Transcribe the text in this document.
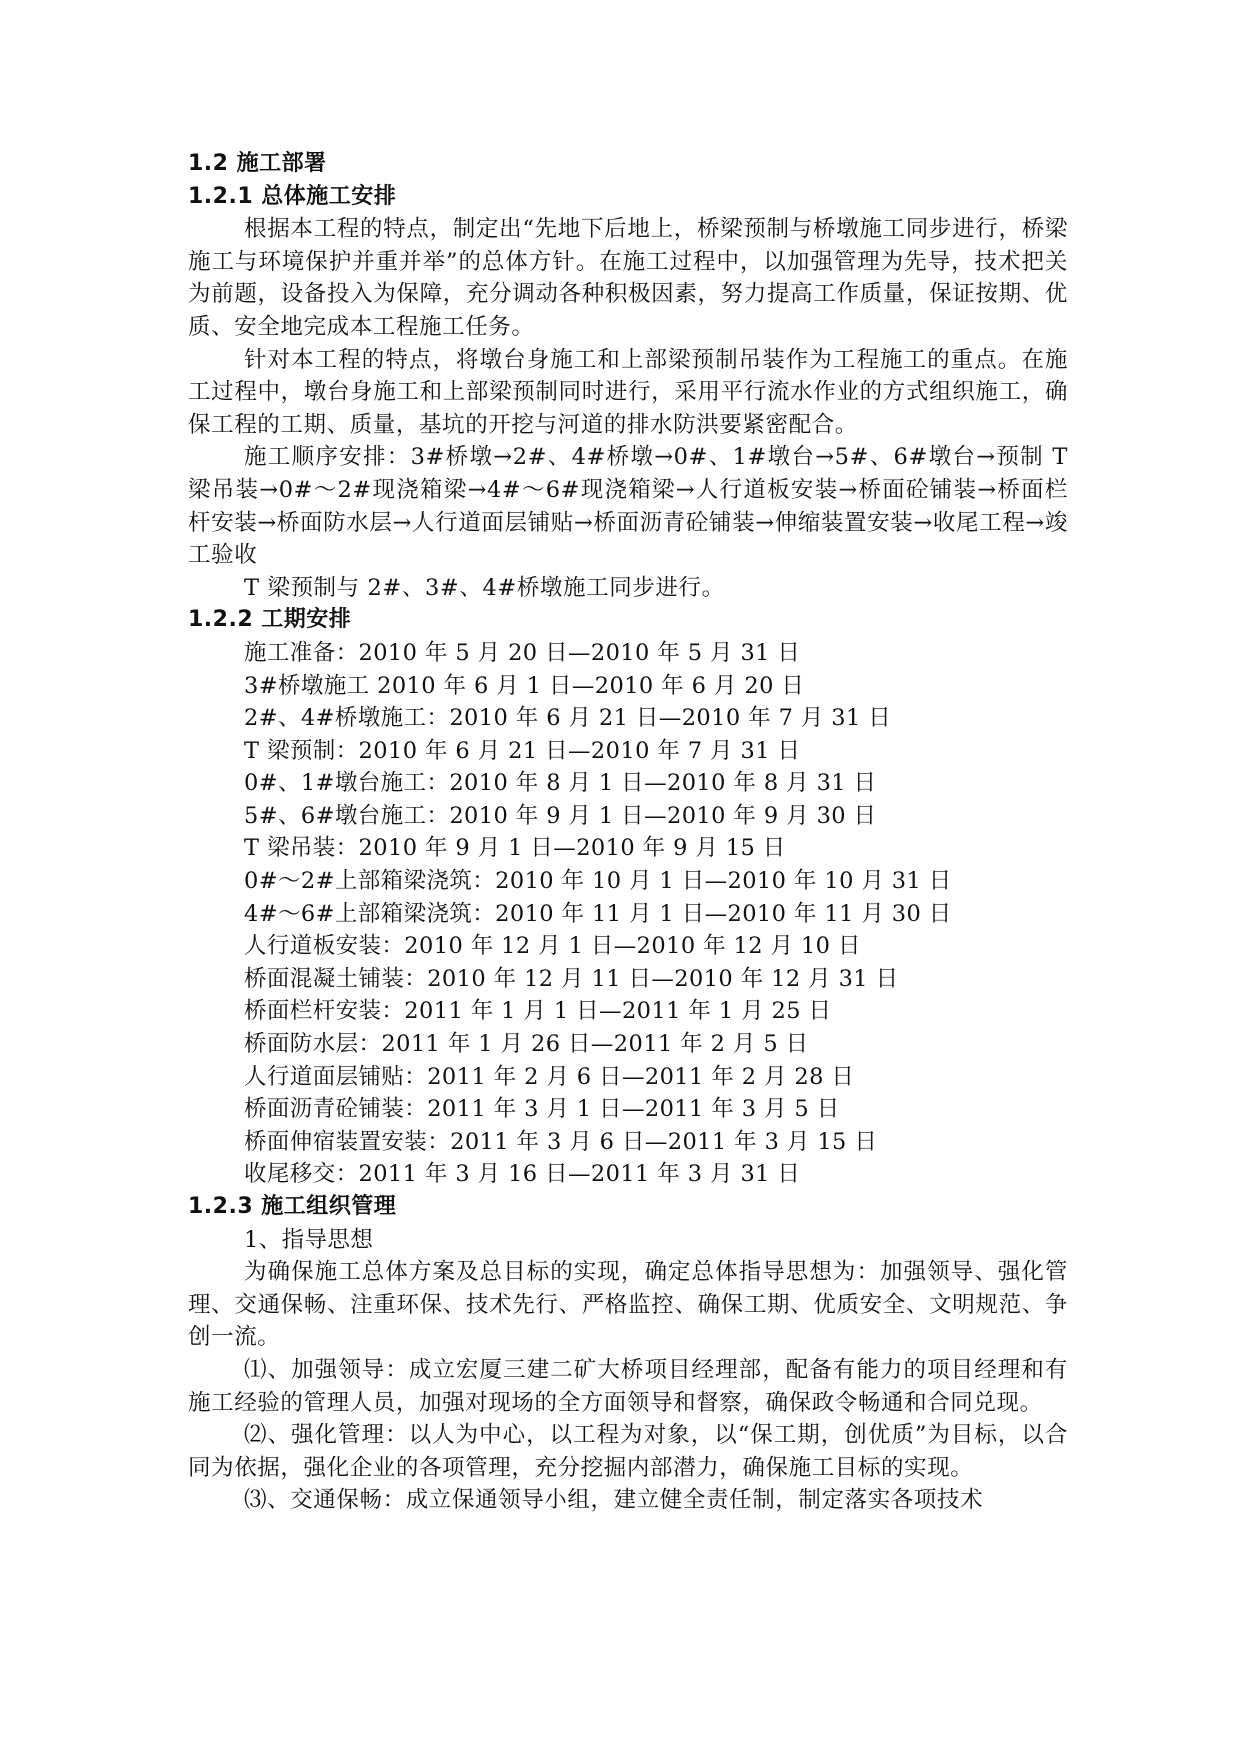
1.2 施工部署
1.2.1 总体施工安排

根据本工程的特点，制定出“先地下后地上，桥梁预制与桥墩施工同步进行，桥梁施工与环境保护并重并举”的总体方针。在施工过程中，以加强管理为先导，技术把关为前题，设备投入为保障，充分调动各种积极因素，努力提高工作质量，保证按期、优质、安全地完成本工程施工任务。

针对本工程的特点，将墩台身施工和上部梁预制吊装作为工程施工的重点。在施工过程中，墩台身施工和上部梁预制同时进行，采用平行流水作业的方式组织施工，确保工程的工期、质量，基坑的开挖与河道的排水防洪要紧密配合。

施工顺序安排：3#桥墩→2#、4#桥墩→0#、1#墩台→5#、6#墩台→预制 T 梁吊装→0#～2#现浇箱梁→4#～6#现浇箱梁→人行道板安装→桥面砼铺装→桥面栏杆安装→桥面防水层→人行道面层铺贴→桥面沥青砼铺装→伸缩装置安装→收尾工程→竣工验收

T 梁预制与 2#、3#、4#桥墩施工同步进行。

1.2.2 工期安排
施工准备：2010 年 5 月 20 日—2010 年 5 月 31 日
3#桥墩施工 2010 年 6 月 1 日—2010 年 6 月 20 日
2#、4#桥墩施工：2010 年 6 月 21 日—2010 年 7 月 31 日
T 梁预制：2010 年 6 月 21 日—2010 年 7 月 31 日
0#、1#墩台施工：2010 年 8 月 1 日—2010 年 8 月 31 日
5#、6#墩台施工：2010 年 9 月 1 日—2010 年 9 月 30 日
T 梁吊装：2010 年 9 月 1 日—2010 年 9 月 15 日
0#～2#上部箱梁浇筑：2010 年 10 月 1 日—2010 年 10 月 31 日
4#～6#上部箱梁浇筑：2010 年 11 月 1 日—2010 年 11 月 30 日
人行道板安装：2010 年 12 月 1 日—2010 年 12 月 10 日
桥面混凝土铺装：2010 年 12 月 11 日—2010 年 12 月 31 日
桥面栏杆安装：2011 年 1 月 1 日—2011 年 1 月 25 日
桥面防水层：2011 年 1 月 26 日—2011 年 2 月 5 日
人行道面层铺贴：2011 年 2 月 6 日—2011 年 2 月 28 日
桥面沥青砼铺装：2011 年 3 月 1 日—2011 年 3 月 5 日
桥面伸宿装置安装：2011 年 3 月 6 日—2011 年 3 月 15 日
收尾移交：2011 年 3 月 16 日—2011 年 3 月 31 日
1.2.3 施工组织管理
1、指导思想

为确保施工总体方案及总目标的实现，确定总体指导思想为：加强领导、强化管理、交通保畅、注重环保、技术先行、严格监控、确保工期、优质安全、文明规范、争创一流。

⑴、加强领导：成立宏厦三建二矿大桥项目经理部，配备有能力的项目经理和有施工经验的管理人员，加强对现场的全方面领导和督察，确保政令畅通和合同兑现。

⑵、强化管理：以人为中心，以工程为对象，以“保工期，创优质”为目标，以合同为依据，强化企业的各项管理，充分挖掘内部潜力，确保施工目标的实现。

⑶、交通保畅：成立保通领导小组，建立健全责任制，制定落实各项技术
